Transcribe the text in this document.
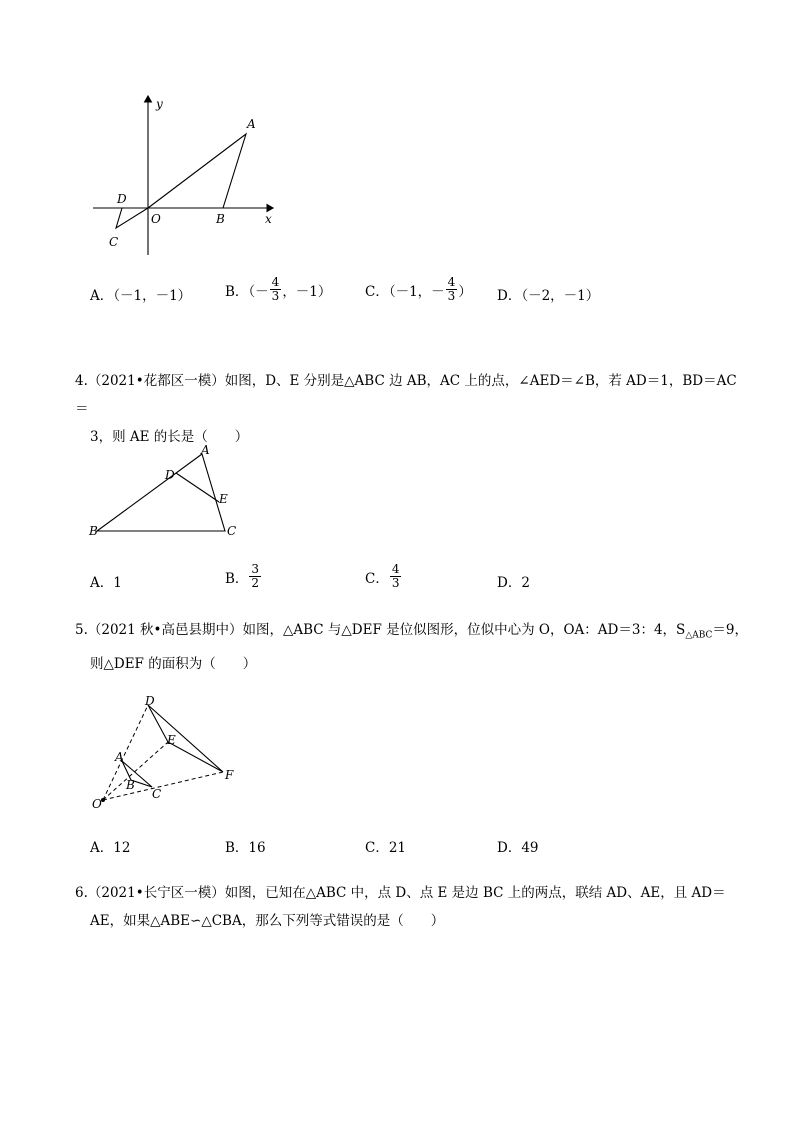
y
x
O
A
B
C
D
A．（－1，－1）	B．（－ $\frac{4}{3}$ ，－1） C．（－1，－ $\frac{4}{3}$ ） D．（－2，－1）
4.（2021•花都区一模）如图，D、E 分别是△ABC 边 AB，AC 上的点，∠AED＝∠B，若 AD＝1，BD＝AC＝
3，则 AE 的长是（　　）
A
B	C
D
E
A．1	B． $\frac{3}{2}$	C． $\frac{4}{3}$	D．2
5.（2021 秋•高邑县期中）如图，△ABC 与△DEF 是位似图形，位似中心为 O，OA：AD＝3：4，$S_{\triangle ABC}=9$，
则△DEF 的面积为（　　）
O
A
B
C
D
E
F
A．12	B．16	C．21	D．49
6.（2021•长宁区一模）如图，已知在△ABC 中，点 D、点 E 是边 BC 上的两点，联结 AD、AE，且 AD＝
AE，如果△ABE∽△CBA，那么下列等式错误的是（　　）
